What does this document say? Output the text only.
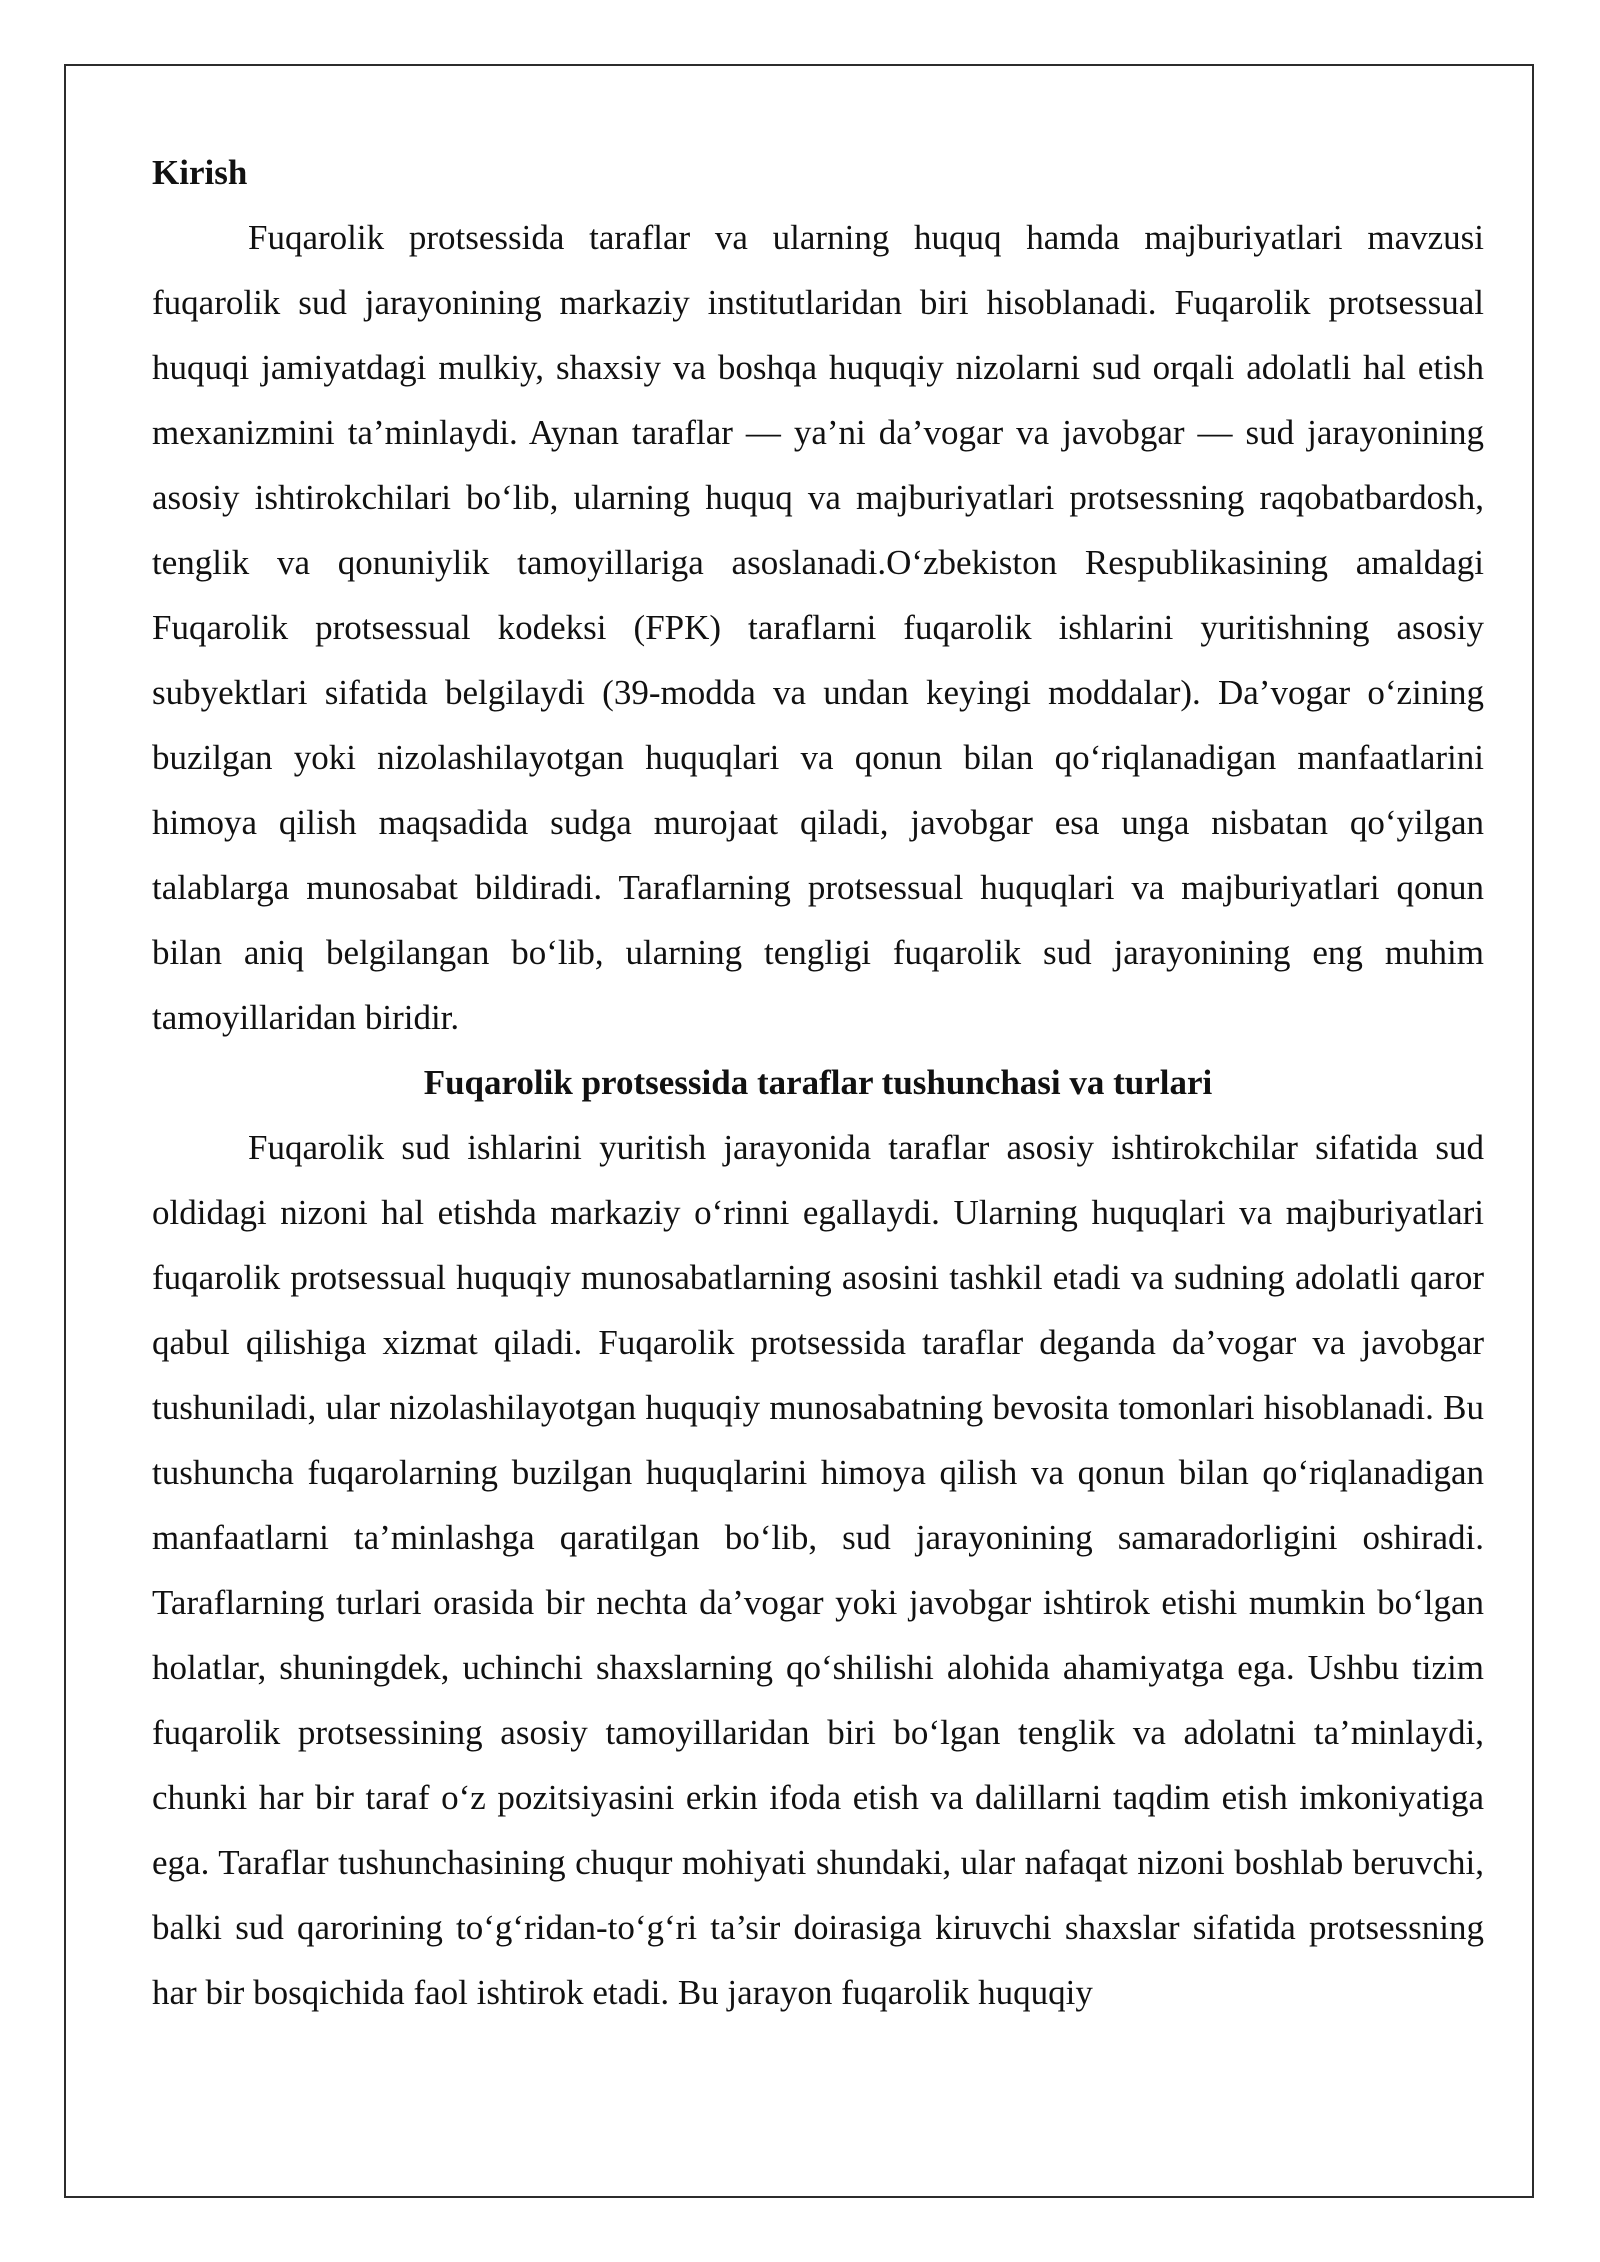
Kirish

Fuqarolik protsessida taraflar va ularning huquq hamda majburiyatlari mavzusi fuqarolik sud jarayonining markaziy institutlaridan biri hisoblanadi. Fuqarolik protsessual huquqi jamiyatdagi mulkiy, shaxsiy va boshqa huquqiy nizolarni sud orqali adolatli hal etish mexanizmini ta’minlaydi. Aynan taraflar — ya’ni da’vogar va javobgar — sud jarayonining asosiy ishtirokchilari bo‘lib, ularning huquq va majburiyatlari protsessning raqobatbardosh, tenglik va qonuniylik tamoyillariga asoslanadi.O‘zbekiston Respublikasining amaldagi Fuqarolik protsessual kodeksi (FPK) taraflarni fuqarolik ishlarini yuritishning asosiy subyektlari sifatida belgilaydi (39-modda va undan keyingi moddalar). Da’vogar o‘zining buzilgan yoki nizolashilayotgan huquqlari va qonun bilan qo‘riqlanadigan manfaatlarini himoya qilish maqsadida sudga murojaat qiladi, javobgar esa unga nisbatan qo‘yilgan talablarga munosabat bildiradi. Taraflarning protsessual huquqlari va majburiyatlari qonun bilan aniq belgilangan bo‘lib, ularning tengligi fuqarolik sud jarayonining eng muhim tamoyillaridan biridir.

Fuqarolik protsessida taraflar tushunchasi va turlari

Fuqarolik sud ishlarini yuritish jarayonida taraflar asosiy ishtirokchilar sifatida sud oldidagi nizoni hal etishda markaziy o‘rinni egallaydi. Ularning huquqlari va majburiyatlari fuqarolik protsessual huquqiy munosabatlarning asosini tashkil etadi va sudning adolatli qaror qabul qilishiga xizmat qiladi. Fuqarolik protsessida taraflar deganda da’vogar va javobgar tushuniladi, ular nizolashilayotgan huquqiy munosabatning bevosita tomonlari hisoblanadi. Bu tushuncha fuqarolarning buzilgan huquqlarini himoya qilish va qonun bilan qo‘riqlanadigan manfaatlarni ta’minlashga qaratilgan bo‘lib, sud jarayonining samaradorligini oshiradi. Taraflarning turlari orasida bir nechta da’vogar yoki javobgar ishtirok etishi mumkin bo‘lgan holatlar, shuningdek, uchinchi shaxslarning qo‘shilishi alohida ahamiyatga ega. Ushbu tizim fuqarolik protsessining asosiy tamoyillaridan biri bo‘lgan tenglik va adolatni ta’minlaydi, chunki har bir taraf o‘z pozitsiyasini erkin ifoda etish va dalillarni taqdim etish imkoniyatiga ega. Taraflar tushunchasining chuqur mohiyati shundaki, ular nafaqat nizoni boshlab beruvchi, balki sud qarorining to‘g‘ridan-to‘g‘ri ta’sir doirasiga kiruvchi shaxslar sifatida protsessning har bir bosqichida faol ishtirok etadi. Bu jarayon fuqarolik huquqiy
